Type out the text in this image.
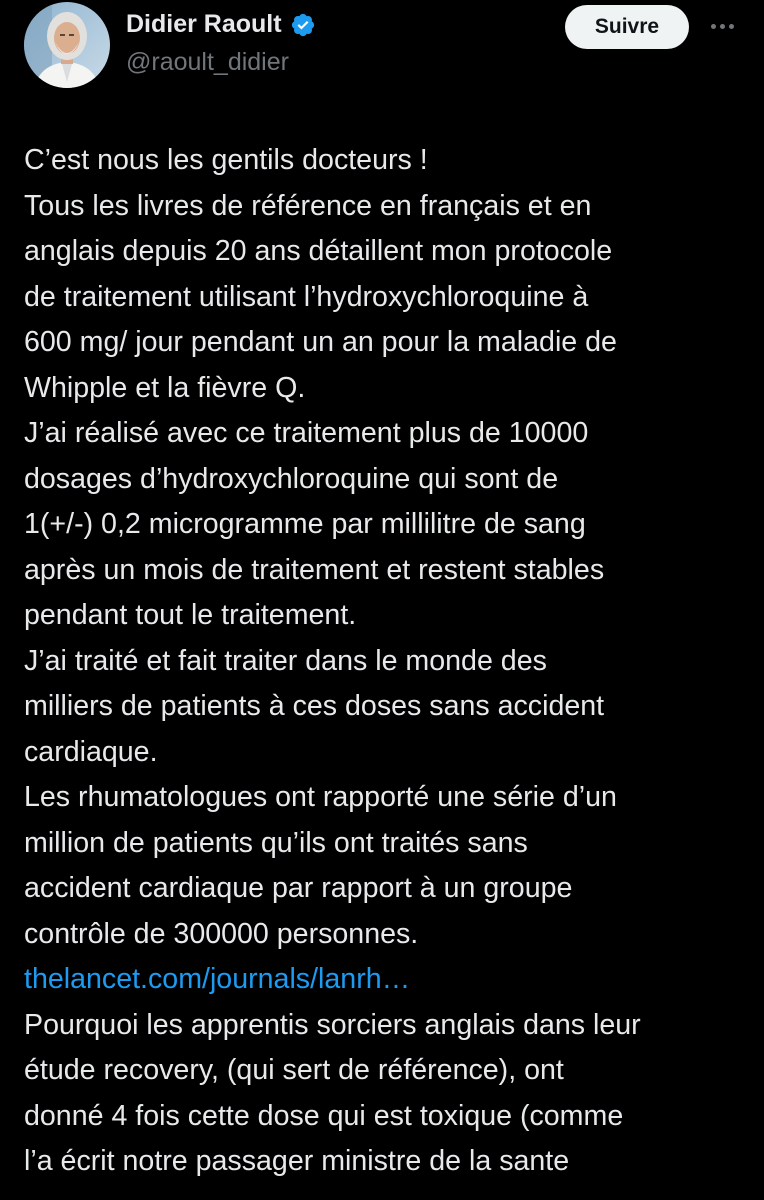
Didier Raoult
@raoult_didier
Suivre
C’est nous les gentils docteurs !
Tous les livres de référence en français et en
anglais depuis 20 ans détaillent mon protocole
de traitement utilisant l’hydroxychloroquine à
600 mg/ jour pendant un an pour la maladie de
Whipple et la fièvre Q.
J’ai réalisé avec ce traitement plus de 10000
dosages d’hydroxychloroquine qui sont de
1(+/-) 0,2 microgramme par millilitre de sang
après un mois de traitement et restent stables
pendant tout le traitement.
J’ai traité et fait traiter dans le monde des
milliers de patients à ces doses sans accident
cardiaque.
Les rhumatologues ont rapporté une série d’un
million de patients qu’ils ont traités sans
accident cardiaque par rapport à un groupe
contrôle de 300000 personnes.
thelancet.com/journals/lanrh…
Pourquoi les apprentis sorciers anglais dans leur
étude recovery, (qui sert de référence), ont
donné 4 fois cette dose qui est toxique (comme
l’a écrit notre passager ministre de la sante
